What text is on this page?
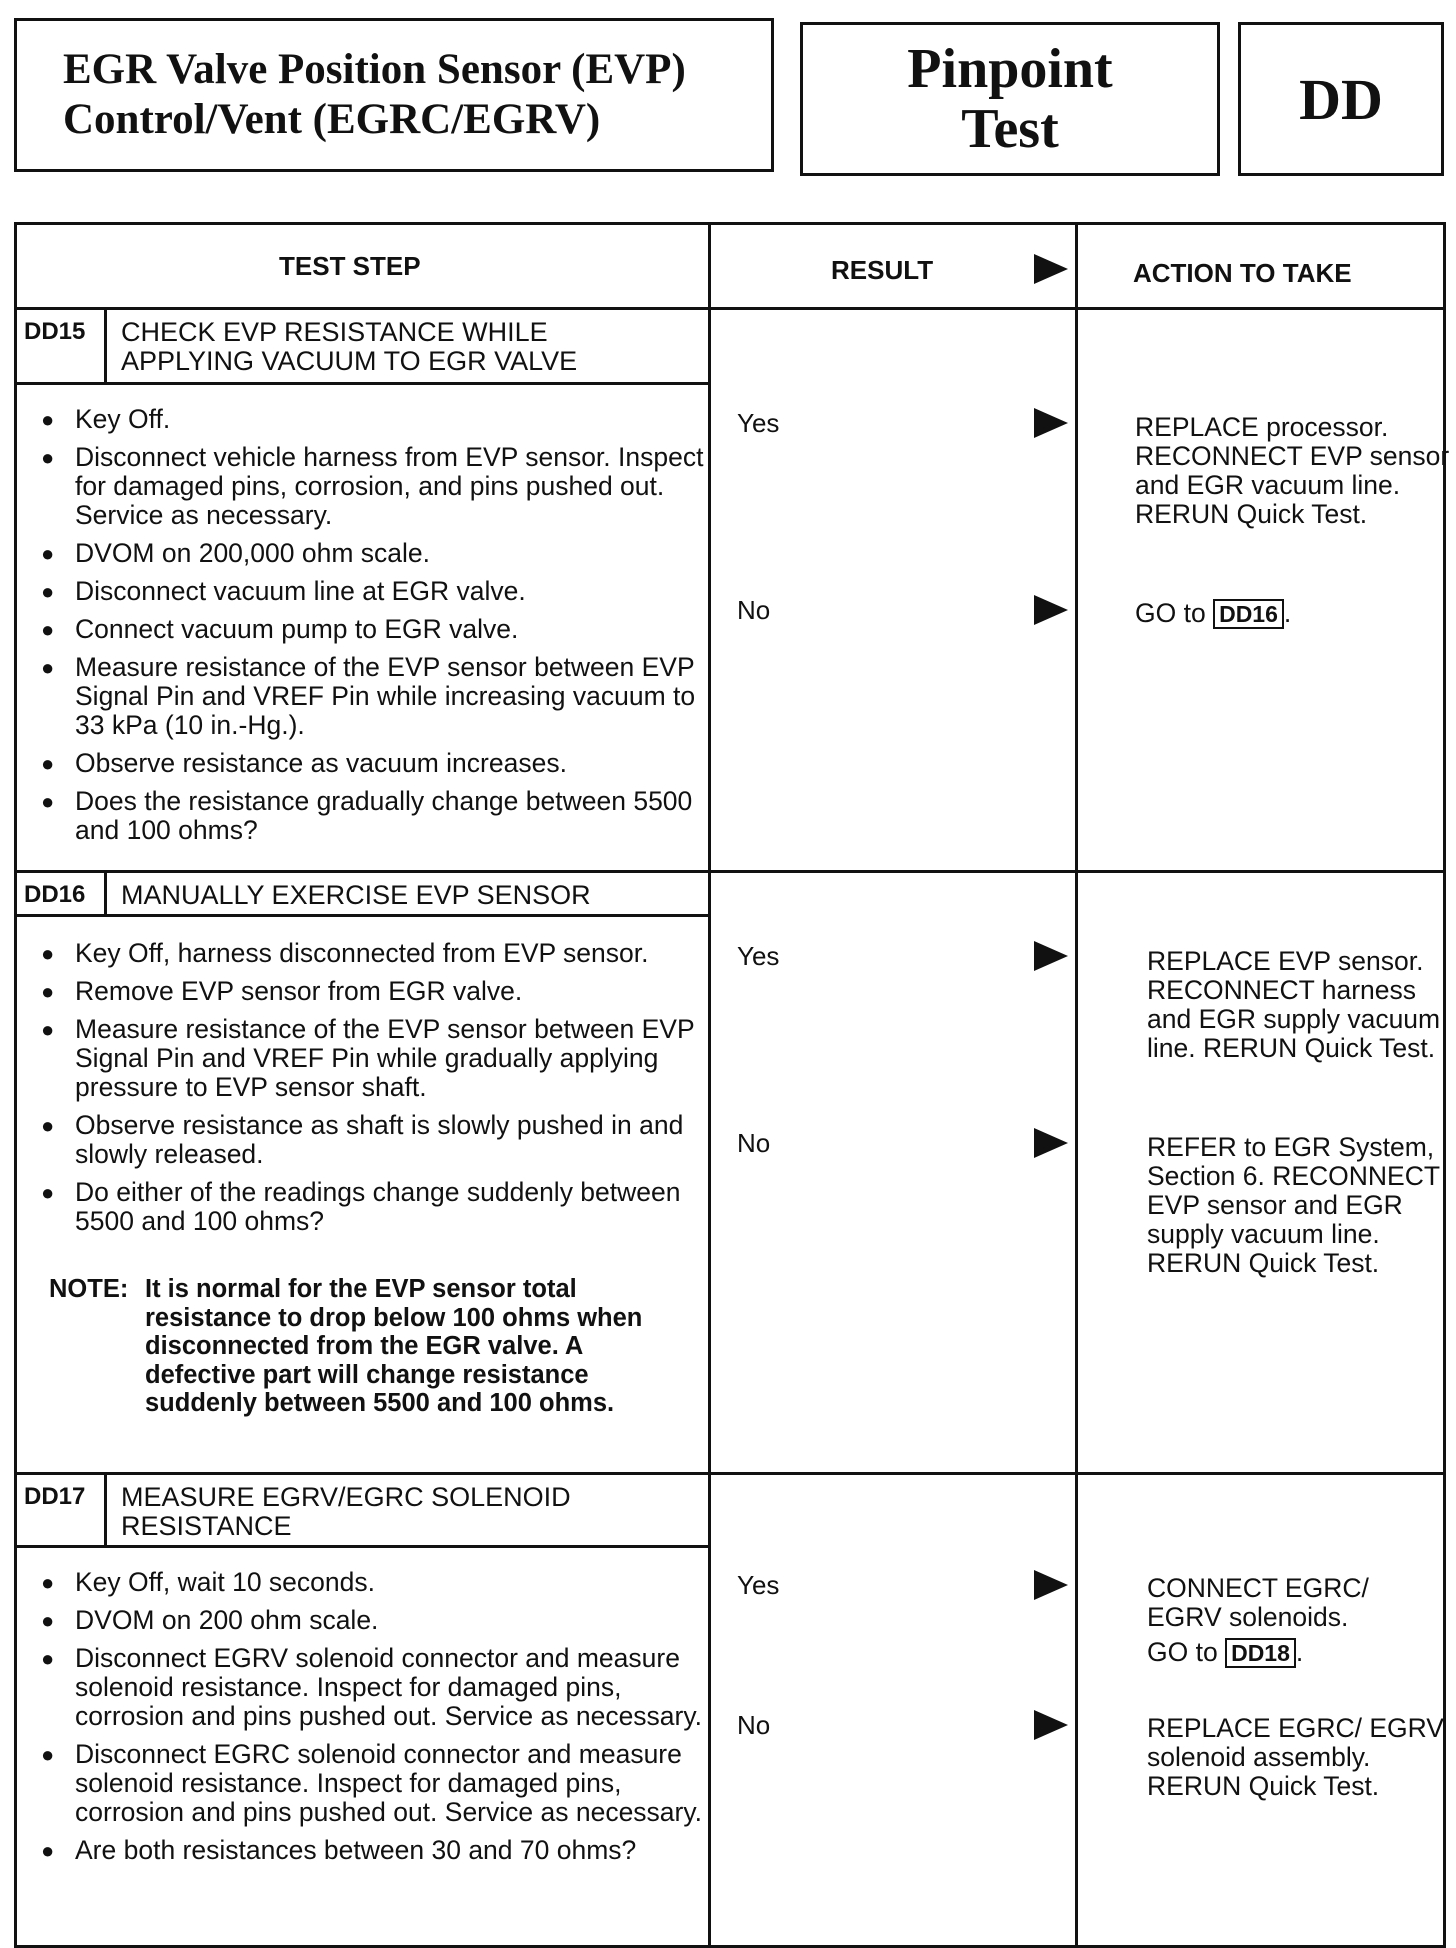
EGR Valve Position Sensor (EVP)
Control/Vent (EGRC/EGRV)
Pinpoint
Test	DD
TEST STEP	RESULT	ACTION TO TAKE
DD15	CHECK EVP RESISTANCE WHILE
APPLYING VACUUM TO EGR VALVE
● Key Off.
● Disconnect vehicle harness from EVP sensor. Inspect for damaged pins, corrosion, and pins pushed out. Service as necessary.
● DVOM on 200,000 ohm scale.
● Disconnect vacuum line at EGR valve.
● Connect vacuum pump to EGR valve.
● Measure resistance of the EVP sensor between EVP Signal Pin and VREF Pin while increasing vacuum to 33 kPa (10 in.-Hg.).
● Observe resistance as vacuum increases.
● Does the resistance gradually change between 5500 and 100 ohms?
Yes	REPLACE processor. RECONNECT EVP sensor and EGR vacuum line. RERUN Quick Test.
No	GO to DD16 .
DD16	MANUALLY EXERCISE EVP SENSOR
● Key Off, harness disconnected from EVP sensor.
● Remove EVP sensor from EGR valve.
● Measure resistance of the EVP sensor between EVP Signal Pin and VREF Pin while gradually applying pressure to EVP sensor shaft.
● Observe resistance as shaft is slowly pushed in and slowly released.
● Do either of the readings change suddenly between 5500 and 100 ohms?
NOTE: It is normal for the EVP sensor total resistance to drop below 100 ohms when disconnected from the EGR valve. A defective part will change resistance suddenly between 5500 and 100 ohms.
Yes	REPLACE EVP sensor. RECONNECT harness and EGR supply vacuum line. RERUN Quick Test.
No	REFER to EGR System, Section 6. RECONNECT EVP sensor and EGR supply vacuum line. RERUN Quick Test.
DD17	MEASURE EGRV/EGRC SOLENOID
RESISTANCE
● Key Off, wait 10 seconds.
● DVOM on 200 ohm scale.
● Disconnect EGRV solenoid connector and measure solenoid resistance. Inspect for damaged pins, corrosion and pins pushed out. Service as necessary.
● Disconnect EGRC solenoid connector and measure solenoid resistance. Inspect for damaged pins, corrosion and pins pushed out. Service as necessary.
● Are both resistances between 30 and 70 ohms?
Yes	CONNECT EGRC/ EGRV solenoids.
GO to DD18 .
No	REPLACE EGRC/ EGRV solenoid assembly. RERUN Quick Test.
